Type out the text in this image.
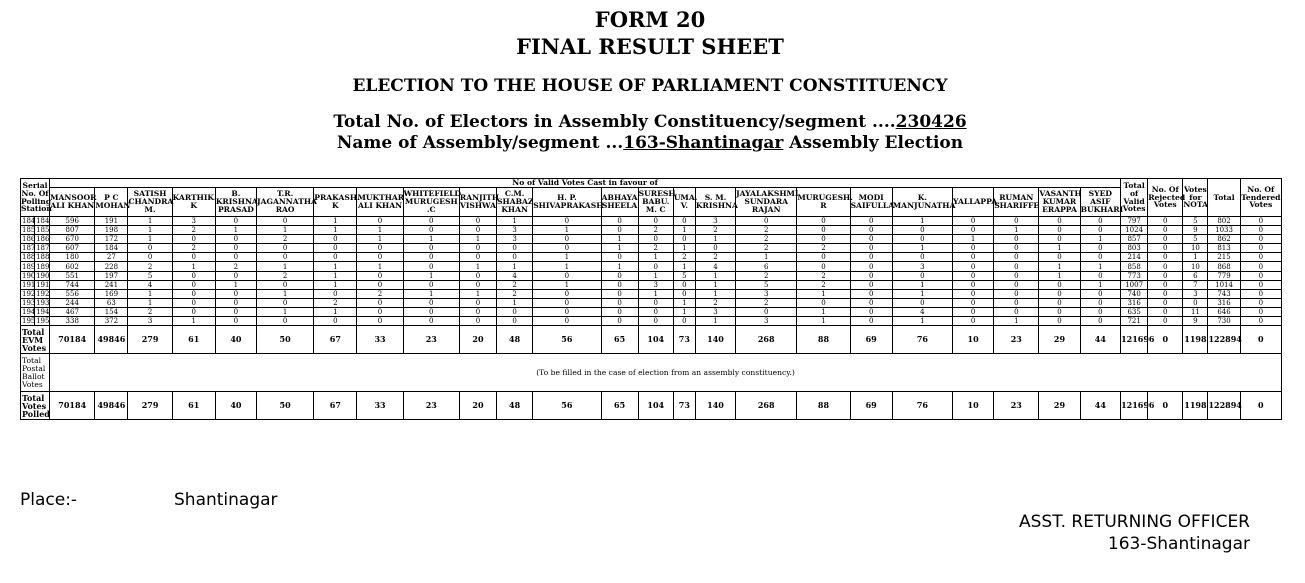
FORM 20
FINAL RESULT SHEET
ELECTION TO THE HOUSE OF PARLIAMENT CONSTITUENCY
Total No. of Electors in Assembly Constituency/segment ....230426
Name of Assembly/segment ...163-Shantinagar Assembly Election
Serial No. Of Polling Station		No of Valid Votes Cast in favour of																								Total of Valid Votes	No. Of Rejected Votes	Votes for NOTA	Total	No. Of Tendered Votes
		MANSOOR ALI KHAN	P C MOHAN	SATISH CHANDRA M.	KARTHIK. K	B. KRISHNA PRASAD	T.R. JAGANNATHA RAO	PRAKASH. K	MUKTHAR ALI KHAN	WHITEFIELD MURUGESH .C	RANJITH VISHWA	C.M. SHABAZ KHAN	H. P. SHIVAPRAKASH	ABHAYA SHEELA	SURESH BABU. M. C	UMA. V.	S. M. KRISHNA	JAYALAKSHMI SUNDARA RAJAN	MURUGESH. R	MODI SAIFULLA	K. MANJUNATHA	YALLAPPA.	RUMAN SHARIFFE	VASANTH KUMAR ERAPPA	SYED ASIF BUKHARI					
184	184	596	191	1	3	0	0	1	0	0	0	1	0	0	0	0	3	0	0	0	1	0	0	0	0	797	0	5	802	0
185	185	807	198	1	2	1	1	1	1	0	0	3	1	0	2	1	2	2	0	0	0	0	1	0	0	1024	0	9	1033	0
186	186	670	172	1	0	0	2	0	1	1	1	3	0	1	0	0	1	2	0	0	0	1	0	0	1	857	0	5	862	0
187	187	607	184	0	2	0	0	0	0	0	0	0	0	1	2	1	0	2	2	0	1	0	0	1	0	803	0	10	813	0
188	188	180	27	0	0	0	0	0	0	0	0	0	1	0	1	2	2	1	0	0	0	0	0	0	0	214	0	1	215	0
189	189	602	228	2	1	2	1	1	1	0	1	1	1	1	0	1	4	6	0	0	3	0	0	1	1	858	0	10	868	0
190	190	551	197	5	0	0	2	1	0	1	0	4	0	0	1	5	1	2	2	0	0	0	0	1	0	773	0	6	779	0
191	191	744	241	4	0	1	0	1	0	0	0	2	1	0	3	0	1	5	2	0	1	0	0	0	1	1007	0	7	1014	0
192	192	556	169	1	0	0	1	0	2	1	1	2	0	0	1	0	1	3	1	0	1	0	0	0	0	740	0	3	743	0
193	193	244	63	1	0	0	0	2	0	0	0	1	0	0	0	1	2	2	0	0	0	0	0	0	0	316	0	0	316	0
194	194	467	154	2	0	0	1	1	0	0	0	0	0	0	0	1	3	0	1	0	4	0	0	0	0	635	0	11	646	0
195	195	338	372	3	1	0	0	0	0	0	0	0	0	0	0	0	1	3	1	0	1	0	1	0	0	721	0	9	730	0
Total EVM Votes		70184	49846	279	61	40	50	67	33	23	20	48	56	65	104	73	140	268	88	69	76	10	23	29	44	121696	0	1198	122894	0
Total Postal Ballot Votes		(To be filled in the case of election from an assembly constituency.)																												
Total Votes Polled		70184	49846	279	61	40	50	67	33	23	20	48	56	65	104	73	140	268	88	69	76	10	23	29	44	121696	0	1198	122894	0
Place:-	Shantinagar
ASST. RETURNING OFFICER
163-Shantinagar
